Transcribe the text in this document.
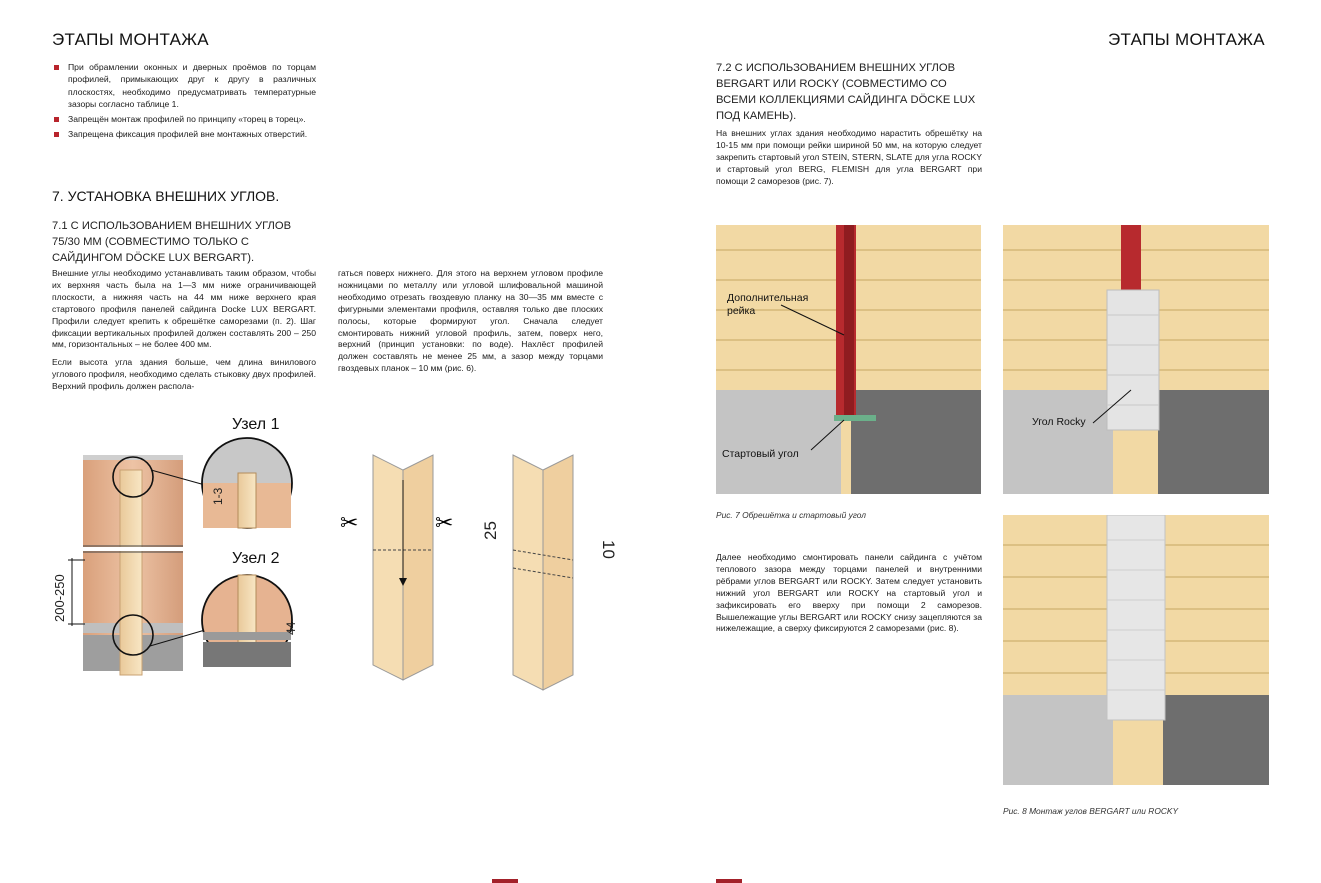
ЭТАПЫ МОНТАЖА
При обрамлении оконных и дверных проёмов по торцам профилей, примыкающих друг к другу в различных плоскостях, необходимо предусматривать температурные зазоры согласно таблице 1.
Запрещён монтаж профилей по принципу «торец в торец».
Запрещена фиксация профилей вне монтажных отверстий.
7. УСТАНОВКА ВНЕШНИХ УГЛОВ.
7.1 С ИСПОЛЬЗОВАНИЕМ ВНЕШНИХ УГЛОВ 75/30 ММ (СОВМЕСТИМО ТОЛЬКО С САЙДИНГОМ DÖCKE LUX BERGART).

Внешние углы необходимо устанавливать таким образом, чтобы их верхняя часть была на 1—3 мм ниже ограничивающей плоскости, а нижняя часть на 44 мм ниже верхнего края стартового профиля панелей сайдинга Docke LUX BERGART. Профили следует крепить к обрешётке саморезами (п. 2). Шаг фиксации вертикальных профилей должен составлять 200 – 250 мм, горизонтальных – не более 400 мм.

Если высота угла здания больше, чем длина винилового углового профиля, необходимо сделать стыковку двух профилей. Верхний профиль должен распола-

гаться поверх нижнего. Для этого на верхнем угловом профиле ножницами по металлу или угловой шлифовальной машиной необходимо отрезать гвоздевую планку на 30—35 мм вместе с фигурными элементами профиля, оставляя только две плоских полосы, которые формируют угол. Сначала следует смонтировать нижний угловой профиль, затем, поверх него, верхний (принцип установки: по воде). Нахлёст профилей должен составлять не менее 25 мм, а зазор между торцами гвоздевых планок – 10 мм (рис. 6).

200-250
Узел 1
1-3
Узел 2
44
✂	✂ 25
10
ЭТАПЫ МОНТАЖА
7.2 С ИСПОЛЬЗОВАНИЕМ ВНЕШНИХ УГЛОВ BERGART ИЛИ ROCKY (СОВМЕСТИМО СО ВСЕМИ КОЛЛЕКЦИЯМИ САЙДИНГА DÖCKE LUX ПОД КАМЕНЬ).

На внешних углах здания необходимо нарастить обрешётку на 10-15 мм при помощи рейки шириной 50 мм, на которую следует закрепить стартовый угол STEIN, STERN, SLATE для угла ROCKY и стартовый угол BERG, FLEMISH для угла BERGART при помощи 2 саморезов (рис. 7).

Дополнительная
рейка
Стартовый угол
Угол Rocky
Рис. 7 Обрешётка и стартовый угол

Далее необходимо смонтировать панели сайдинга с учётом теплового зазора между торцами панелей и внутренними рёбрами углов BERGART или ROCKY. Затем следует установить нижний угол BERGART или ROCKY на стартовый угол и зафиксировать его вверху при помощи 2 саморезов. Вышележащие углы BERGART или ROCKY снизу зацепляются за нижележащие, а сверху фиксируются 2 саморезами (рис. 8).

Рис. 8 Монтаж углов BERGART или ROCKY
